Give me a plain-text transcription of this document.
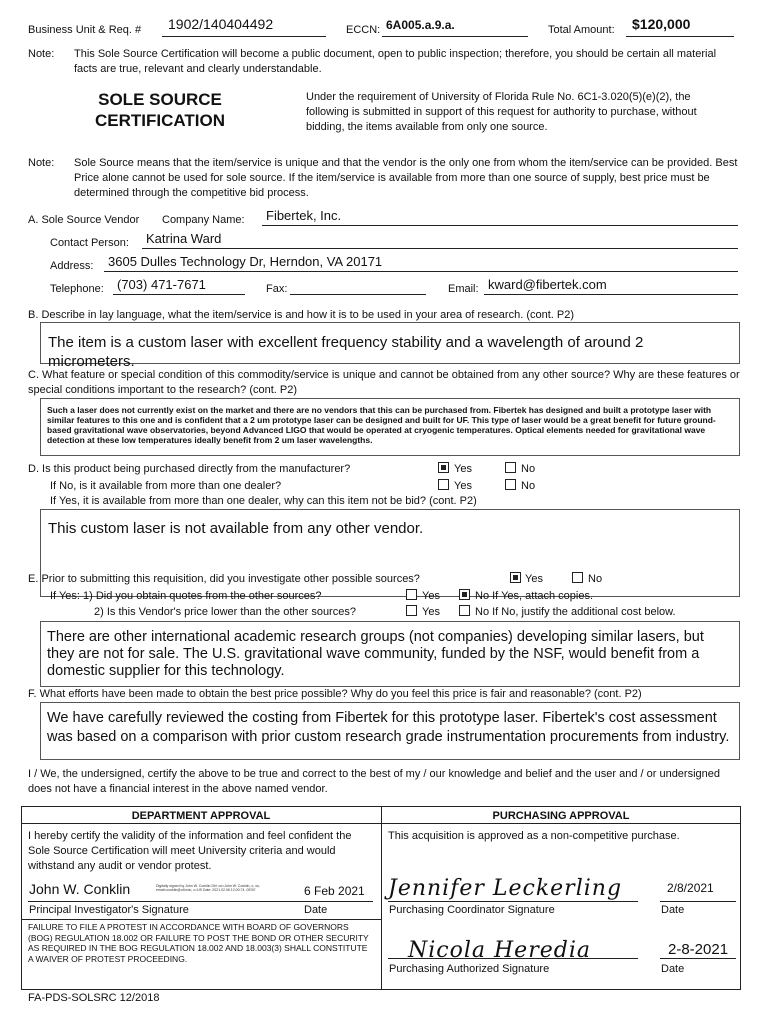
Business Unit & Req. # 1902/140404492	ECCN: 6A005.a.9.a.	Total Amount: $120,000
Note: This Sole Source Certification will become a public document, open to public inspection; therefore, you should be certain all material facts are true, relevant and clearly understandable.
SOLE SOURCE
CERTIFICATION
Under the requirement of University of Florida Rule No. 6C1-3.020(5)(e)(2), the following is submitted in support of this request for authority to purchase, without bidding, the items available from only one source.
Note: Sole Source means that the item/service is unique and that the vendor is the only one from whom the item/service can be provided. Best Price alone cannot be used for sole source. If the item/service is available from more than one source of supply, best price must be determined through the competitive bid process.
A. Sole Source Vendor Company Name: Fibertek, Inc.
Contact Person: Katrina Ward
Address: 3605 Dulles Technology Dr, Herndon, VA 20171
Telephone: (703) 471-7671	Fax:	Email: kward@fibertek.com
B. Describe in lay language, what the item/service is and how it is to be used in your area of research. (cont. P2)
The item is a custom laser with excellent frequency stability and a wavelength of around 2 micrometers.
C. What feature or special condition of this commodity/service is unique and cannot be obtained from any other source? Why are these features or special conditions important to the research? (cont. P2)
Such a laser does not currently exist on the market and there are no vendors that this can be purchased from. Fibertek has designed and built a prototype laser with similar features to this one and is confident that a 2 um prototype laser can be designed and built for UF. This type of laser would be a great benefit for future ground-based gravitational wave observatories, beyond Advanced LIGO that would be operated at cryogenic temperatures. Optical elements needed for gravitational wave detection at these low temperatures ideally benefit from 2 um laser wavelengths.
D. Is this product being purchased directly from the manufacturer?	Yes	No
If No, is it available from more than one dealer?	Yes	No
If Yes, it is available from more than one dealer, why can this item not be bid? (cont. P2)
This custom laser is not available from any other vendor.
E. Prior to submitting this requisition, did you investigate other possible sources?	Yes	No
If Yes: 1) Did you obtain quotes from the other sources?	Yes	No If Yes, attach copies.
2) Is this Vendor's price lower than the other sources?	Yes	No If No, justify the additional cost below.
There are other international academic research groups (not companies) developing similar lasers, but they are not for sale. The U.S. gravitational wave community, funded by the NSF, would benefit from a domestic supplier for this technology.
F. What efforts have been made to obtain the best price possible? Why do you feel this price is fair and reasonable? (cont. P2)
We have carefully reviewed the costing from Fibertek for this prototype laser. Fibertek's cost assessment was based on a comparison with prior custom research grade instrumentation procurements from industry.
I / We, the undersigned, certify the above to be true and correct to the best of my / our knowledge and belief and the user and / or undersigned does not have a financial interest in the above named vendor.
DEPARTMENT APPROVAL	PURCHASING APPROVAL
I hereby certify the validity of the information and feel confident the Sole Source Certification will meet University criteria and would withstand any audit or vendor protest.
This acquisition is approved as a non-competitive purchase.
John W. Conklin	Digitally signed by John W. Conklin DN: cn=John W. Conklin, o, ou, email=conklin@ufl.edu, c=US Date: 2021.02.06 12:00:74 -05'00'	6 Feb 2021
Principal Investigator's Signature	Date
Jennifer Leckerling	2/8/2021
Purchasing Coordinator Signature	Date
FAILURE TO FILE A PROTEST IN ACCORDANCE WITH BOARD OF GOVERNORS (BOG) REGULATION 18.002 OR FAILURE TO POST THE BOND OR OTHER SECURITY AS REQUIRED IN THE BOG REGULATION 18.002 AND 18.003(3) SHALL CONSTITUTE A WAIVER OF PROTEST PROCEEDING.	Nicola Heredia	2-8-2021
Purchasing Authorized Signature	Date
FA-PDS-SOLSRC 12/2018
